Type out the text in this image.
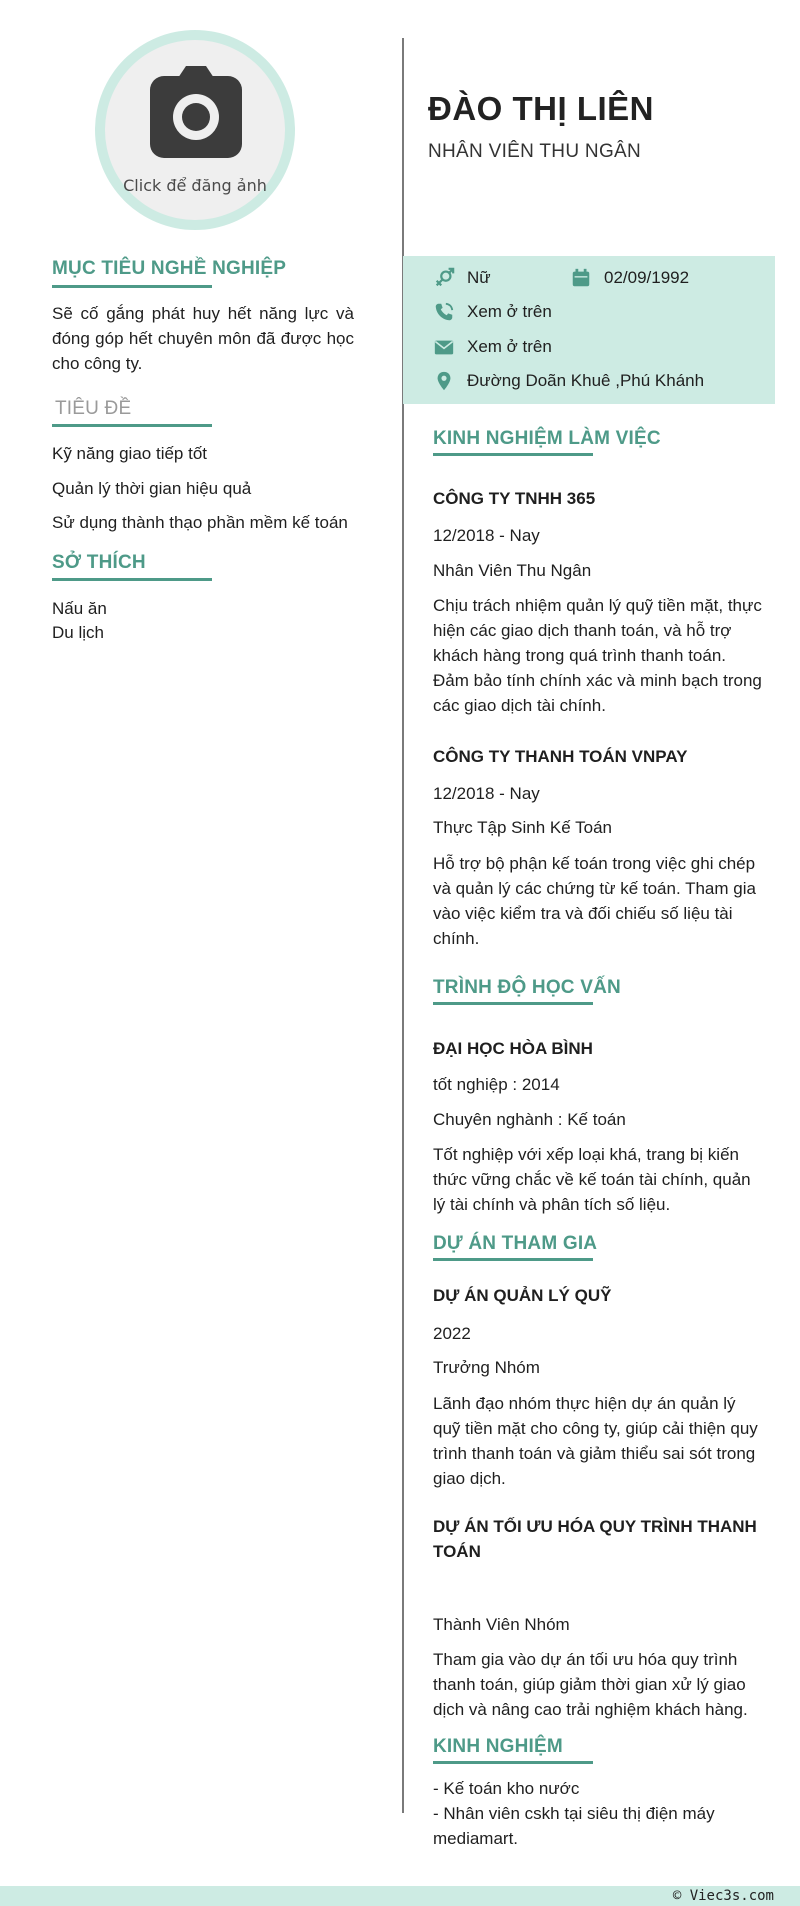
Click để đăng ảnh
MỤC TIÊU NGHỀ NGHIỆP
Sẽ cố gắng phát huy hết năng lực và đóng góp hết chuyên môn đã được học cho công ty.
TIÊU ĐỀ
Kỹ năng giao tiếp tốt
Quản lý thời gian hiệu quả
Sử dụng thành thạo phần mềm kế toán
SỞ THÍCH
Nấu ăn
Du lịch
ĐÀO THỊ LIÊN
NHÂN VIÊN THU NGÂN
Nữ	02/09/1992
Xem ở trên
Xem ở trên
Đường Doãn Khuê ,Phú Khánh
KINH NGHIỆM LÀM VIỆC
CÔNG TY TNHH 365
12/2018 - Nay
Nhân Viên Thu Ngân
Chịu trách nhiệm quản lý quỹ tiền mặt, thực hiện các giao dịch thanh toán, và hỗ trợ khách hàng trong quá trình thanh toán. Đảm bảo tính chính xác và minh bạch trong các giao dịch tài chính.
CÔNG TY THANH TOÁN VNPAY
12/2018 - Nay
Thực Tập Sinh Kế Toán
Hỗ trợ bộ phận kế toán trong việc ghi chép và quản lý các chứng từ kế toán. Tham gia vào việc kiểm tra và đối chiếu số liệu tài chính.
TRÌNH ĐỘ HỌC VẤN
ĐẠI HỌC HÒA BÌNH
tốt nghiệp : 2014
Chuyên nghành : Kế toán
Tốt nghiệp với xếp loại khá, trang bị kiến thức vững chắc về kế toán tài chính, quản lý tài chính và phân tích số liệu.
DỰ ÁN THAM GIA
DỰ ÁN QUẢN LÝ QUỸ
2022
Trưởng Nhóm
Lãnh đạo nhóm thực hiện dự án quản lý quỹ tiền mặt cho công ty, giúp cải thiện quy trình thanh toán và giảm thiểu sai sót trong giao dịch.
DỰ ÁN TỐI ƯU HÓA QUY TRÌNH THANH TOÁN
Thành Viên Nhóm
Tham gia vào dự án tối ưu hóa quy trình thanh toán, giúp giảm thời gian xử lý giao dịch và nâng cao trải nghiệm khách hàng.
KINH NGHIỆM
- Kế toán kho nước
- Nhân viên cskh tại siêu thị điện máy mediamart.
© Viec3s.com
